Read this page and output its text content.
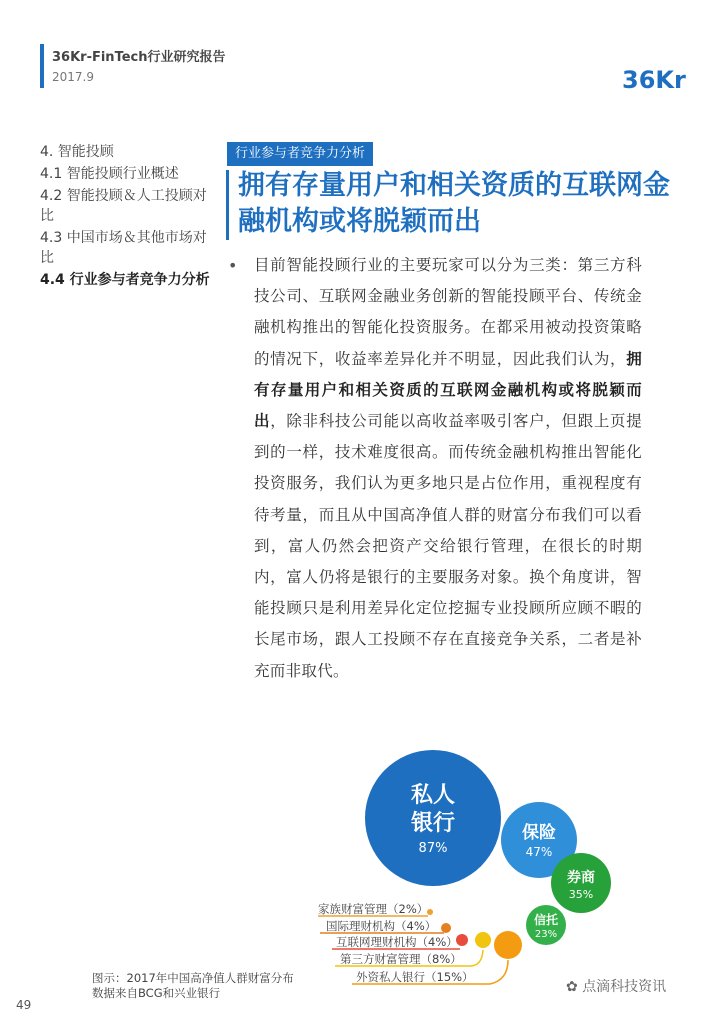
36Kr-FinTech行业研究报告
2017.9	36Kr
4. 智能投顾
4.1 智能投顾行业概述
4.2 智能投顾＆人工投顾对比
4.3 中国市场＆其他市场对比
4.4 行业参与者竞争力分析
行业参与者竞争力分析
拥有存量用户和相关资质的互联网金融机构或将脱颖而出
• 目前智能投顾行业的主要玩家可以分为三类：第三方科技公司、互联网金融业务创新的智能投顾平台、传统金融机构推出的智能化投资服务。在都采用被动投资策略的情况下，收益率差异化并不明显，因此我们认为，拥有存量用户和相关资质的互联网金融机构或将脱颖而出，除非科技公司能以高收益率吸引客户，但跟上页提到的一样，技术难度很高。而传统金融机构推出智能化投资服务，我们认为更多地只是占位作用，重视程度有待考量，而且从中国高净值人群的财富分布我们可以看到，富人仍然会把资产交给银行管理，在很长的时期内，富人仍将是银行的主要服务对象。换个角度讲，智能投顾只是利用差异化定位挖掘专业投顾所应顾不暇的长尾市场，跟人工投顾不存在直接竞争关系，二者是补充而非取代。
家族财富管理（2%）
国际理财机构（4%）
互联网理财机构（4%）
第三方财富管理（8%）
外资私人银行（15%）
私人
银行
87%
保险
47%
券商
35%
信托
23%
图示：2017年中国高净值人群财富分布
数据来自BCG和兴业银行
49
✿ 点滴科技资讯
